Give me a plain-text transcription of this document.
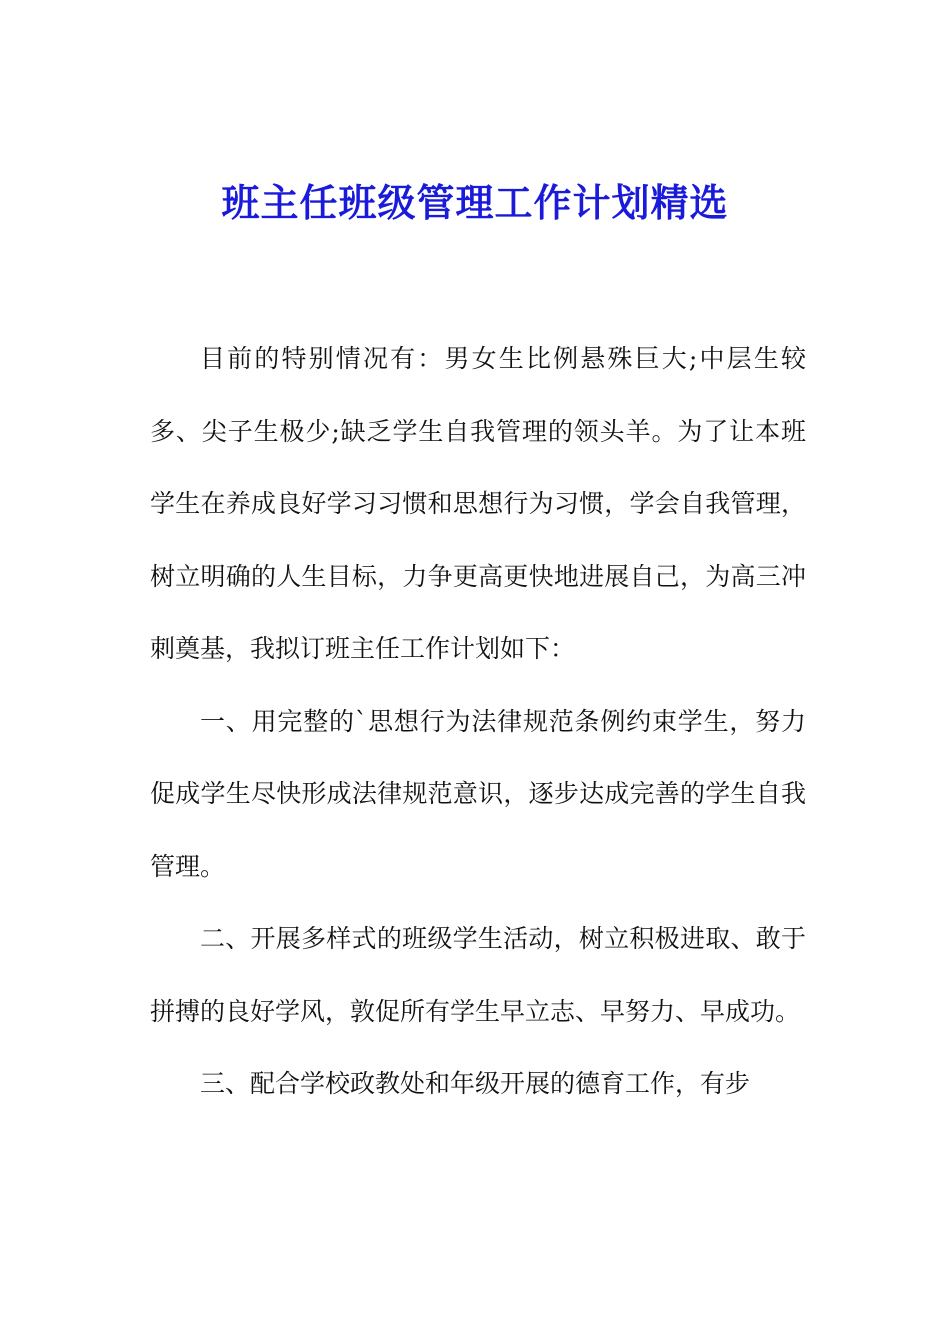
班主任班级管理工作计划精选

目前的特别情况有：男女生比例悬殊巨大;中层生较多、尖子生极少;缺乏学生自我管理的领头羊。为了让本班学生在养成良好学习习惯和思想行为习惯，学会自我管理，树立明确的人生目标，力争更高更快地进展自己，为高三冲刺奠基，我拟订班主任工作计划如下：

一、用完整的`思想行为法律规范条例约束学生，努力促成学生尽快形成法律规范意识，逐步达成完善的学生自我管理。

二、开展多样式的班级学生活动，树立积极进取、敢于拼搏的良好学风，敦促所有学生早立志、早努力、早成功。

三、配合学校政教处和年级开展的德育工作，有步
